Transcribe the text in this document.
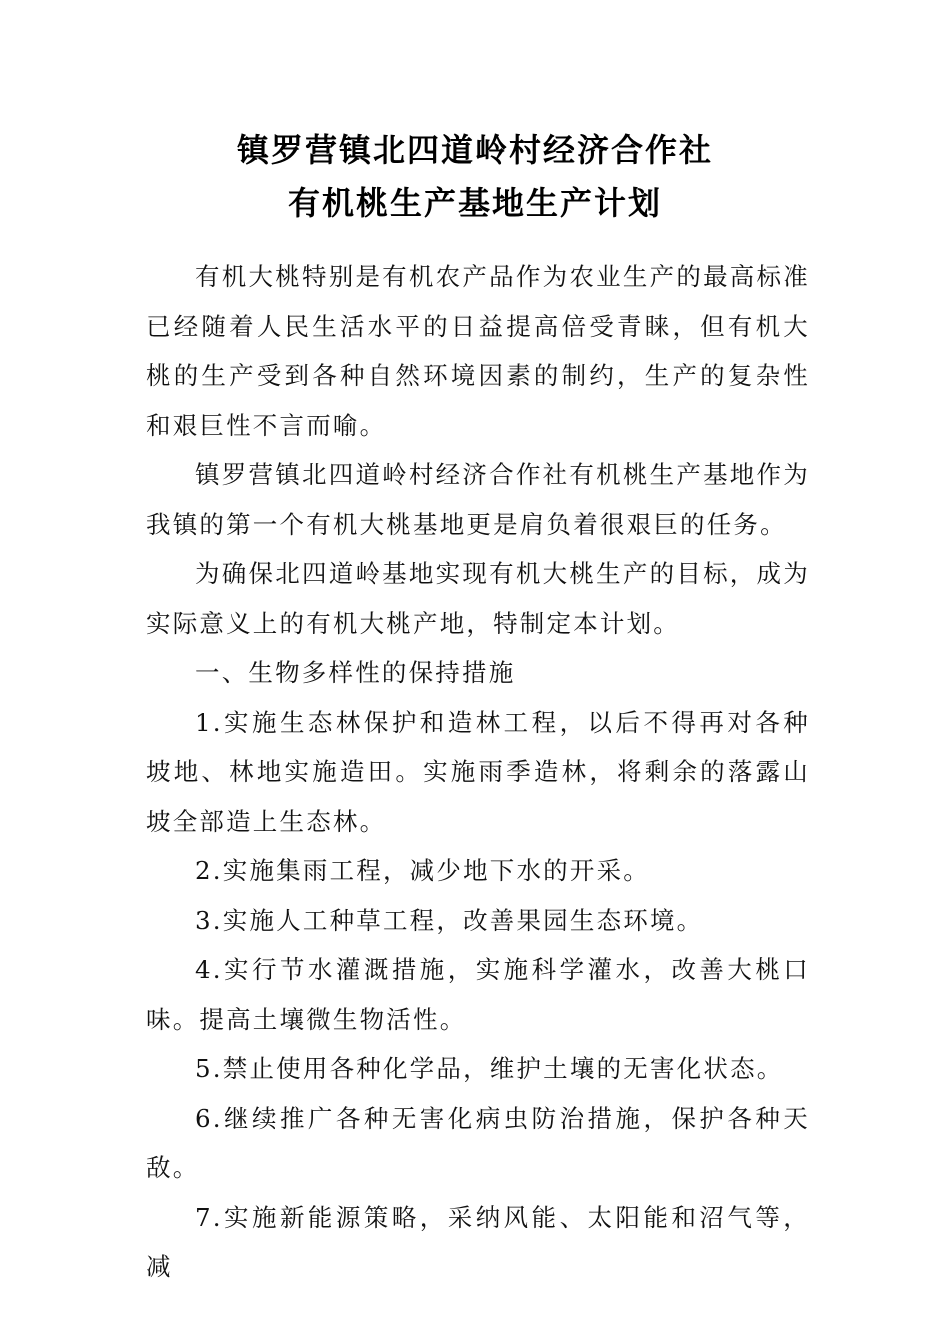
镇罗营镇北四道岭村经济合作社
有机桃生产基地生产计划

有机大桃特别是有机农产品作为农业生产的最高标准已经随着人民生活水平的日益提高倍受青睐，但有机大桃的生产受到各种自然环境因素的制约，生产的复杂性和艰巨性不言而喻。

镇罗营镇北四道岭村经济合作社有机桃生产基地作为我镇的第一个有机大桃基地更是肩负着很艰巨的任务。

为确保北四道岭基地实现有机大桃生产的目标，成为实际意义上的有机大桃产地，特制定本计划。

一、生物多样性的保持措施

1.实施生态林保护和造林工程，以后不得再对各种坡地、林地实施造田。实施雨季造林，将剩余的落露山坡全部造上生态林。

2.实施集雨工程，减少地下水的开采。

3.实施人工种草工程，改善果园生态环境。

4.实行节水灌溉措施，实施科学灌水，改善大桃口味。提高土壤微生物活性。

5.禁止使用各种化学品，维护土壤的无害化状态。

6.继续推广各种无害化病虫防治措施，保护各种天敌。

7.实施新能源策略，采纳风能、太阳能和沼气等，减
